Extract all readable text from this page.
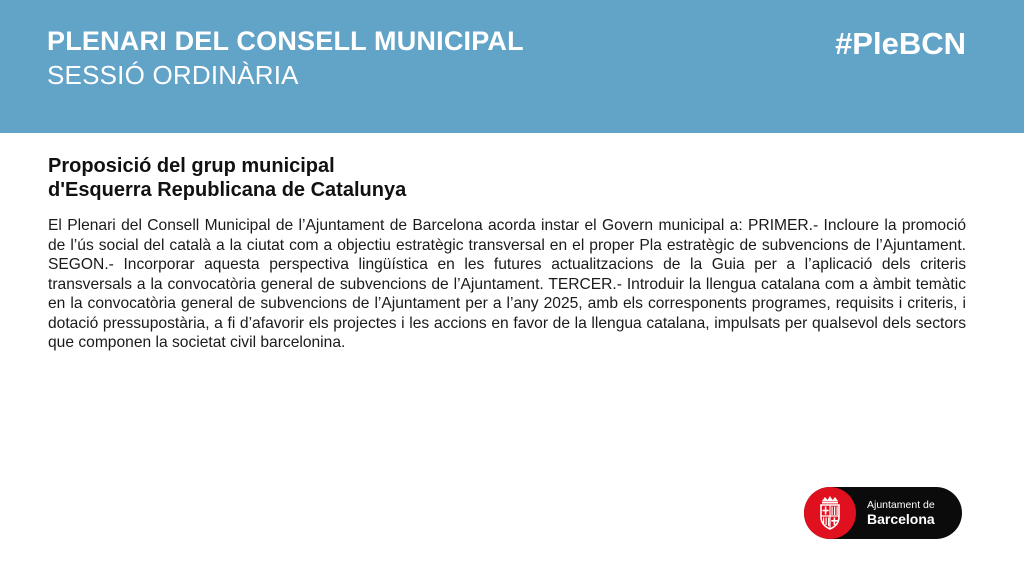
PLENARI DEL CONSELL MUNICIPAL
SESSIÓ ORDINÀRIA
#PleBCN
Proposició del grup municipal
d'Esquerra Republicana de Catalunya

El Plenari del Consell Municipal de l’Ajuntament de Barcelona acorda instar el Govern municipal a: PRIMER.- Incloure la promoció de l’ús social del català a la ciutat com a objectiu estratègic transversal en el proper Pla estratègic de subvencions de l’Ajuntament. SEGON.- Incorporar aquesta perspectiva lingüística en les futures actualitzacions de la Guia per a l’aplicació dels criteris transversals a la convocatòria general de subvencions de l’Ajuntament. TERCER.- Introduir la llengua catalana com a àmbit temàtic en la convocatòria general de subvencions de l’Ajuntament per a l’any 2025, amb els corresponents programes, requisits i criteris, i dotació pressupostària, a fi d’afavorir els projectes i les accions en favor de la llengua catalana, impulsats per qualsevol dels sectors que componen la societat civil barcelonina.

Ajuntament de
Barcelona
